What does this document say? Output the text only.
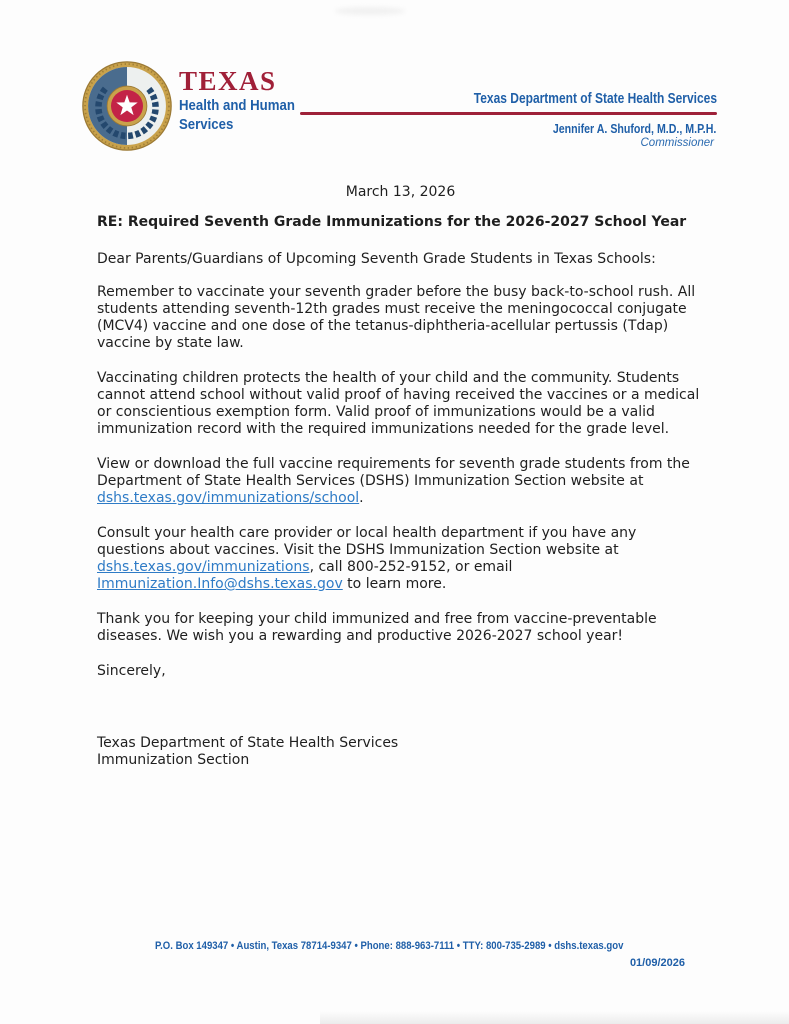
TEXAS
Health and Human
Services
Texas Department of State Health Services
Jennifer A. Shuford, M.D., M.P.H.
Commissioner
March 13, 2026
RE: Required Seventh Grade Immunizations for the 2026-2027 School Year
Dear Parents/Guardians of Upcoming Seventh Grade Students in Texas Schools:

Remember to vaccinate your seventh grader before the busy back-to-school rush. All students attending seventh-12th grades must receive the meningococcal conjugate (MCV4) vaccine and one dose of the tetanus-diphtheria-acellular pertussis (Tdap) vaccine by state law.

Vaccinating children protects the health of your child and the community. Students cannot attend school without valid proof of having received the vaccines or a medical or conscientious exemption form. Valid proof of immunizations would be a valid immunization record with the required immunizations needed for the grade level.

View or download the full vaccine requirements for seventh grade students from the Department of State Health Services (DSHS) Immunization Section website at dshs.texas.gov/immunizations/school.

Consult your health care provider or local health department if you have any questions about vaccines. Visit the DSHS Immunization Section website at dshs.texas.gov/immunizations, call 800-252-9152, or email Immunization.Info@dshs.texas.gov to learn more.

Thank you for keeping your child immunized and free from vaccine-preventable diseases. We wish you a rewarding and productive 2026-2027 school year!

Sincerely,
Texas Department of State Health Services
Immunization Section
P.O. Box 149347 • Austin, Texas 78714-9347 • Phone: 888-963-7111 • TTY: 800-735-2989 • dshs.texas.gov
01/09/2026
